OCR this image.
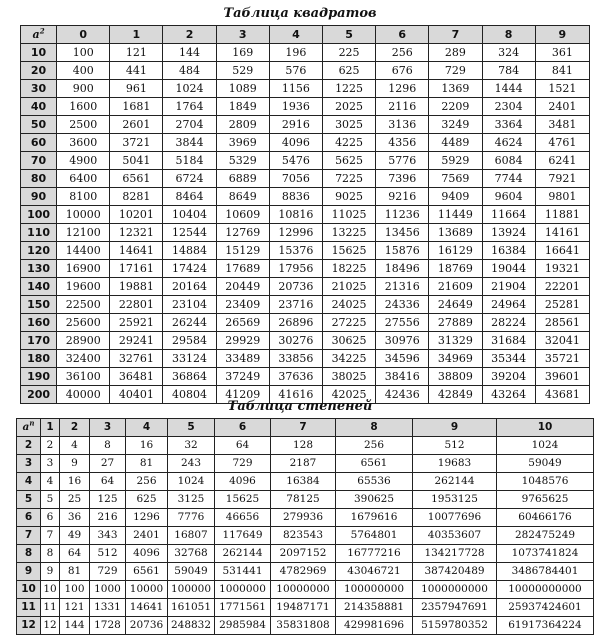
Таблица квадратов
$a^2$	0	1	2	3	4	5	6	7	8	9
10	100	121	144	169	196	225	256	289	324	361
20	400	441	484	529	576	625	676	729	784	841
30	900	961	1024	1089	1156	1225	1296	1369	1444	1521
40	1600	1681	1764	1849	1936	2025	2116	2209	2304	2401
50	2500	2601	2704	2809	2916	3025	3136	3249	3364	3481
60	3600	3721	3844	3969	4096	4225	4356	4489	4624	4761
70	4900	5041	5184	5329	5476	5625	5776	5929	6084	6241
80	6400	6561	6724	6889	7056	7225	7396	7569	7744	7921
90	8100	8281	8464	8649	8836	9025	9216	9409	9604	9801
100	10000	10201	10404	10609	10816	11025	11236	11449	11664	11881
110	12100	12321	12544	12769	12996	13225	13456	13689	13924	14161
120	14400	14641	14884	15129	15376	15625	15876	16129	16384	16641
130	16900	17161	17424	17689	17956	18225	18496	18769	19044	19321
140	19600	19881	20164	20449	20736	21025	21316	21609	21904	22201
150	22500	22801	23104	23409	23716	24025	24336	24649	24964	25281
160	25600	25921	26244	26569	26896	27225	27556	27889	28224	28561
170	28900	29241	29584	29929	30276	30625	30976	31329	31684	32041
180	32400	32761	33124	33489	33856	34225	34596	34969	35344	35721
190	36100	36481	36864	37249	37636	38025	38416	38809	39204	39601
200	40000	40401	40804	41209	41616	42025	42436	42849	43264	43681
Таблица степеней
$a^n$	1	2	3	4	5	6	7	8	9	10
2	2	4	8	16	32	64	128	256	512	1024
3	3	9	27	81	243	729	2187	6561	19683	59049
4	4	16	64	256	1024	4096	16384	65536	262144	1048576
5	5	25	125	625	3125	15625	78125	390625	1953125	9765625
6	6	36	216	1296	7776	46656	279936	1679616	10077696	60466176
7	7	49	343	2401	16807	117649	823543	5764801	40353607	282475249
8	8	64	512	4096	32768	262144	2097152	16777216	134217728	1073741824
9	9	81	729	6561	59049	531441	4782969	43046721	387420489	3486784401
10	10	100	1000	10000	100000	1000000	10000000	100000000	1000000000	10000000000
11	11	121	1331	14641	161051	1771561	19487171	214358881	2357947691	25937424601
12	12	144	1728	20736	248832	2985984	35831808	429981696	5159780352	61917364224
